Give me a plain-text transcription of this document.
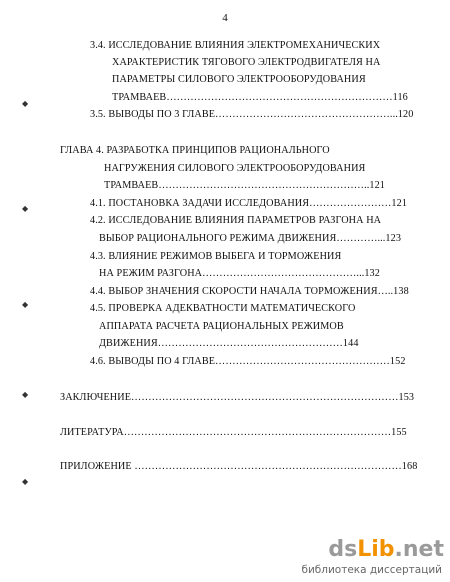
4
3.4. ИССЛЕДОВАНИЕ ВЛИЯНИЯ ЭЛЕКТРОМЕХАНИЧЕСКИХ
ХАРАКТЕРИСТИК ТЯГОВОГО ЭЛЕКТРОДВИГАТЕЛЯ НА
ПАРАМЕТРЫ СИЛОВОГО ЭЛЕКТРООБОРУДОВАНИЯ
ТРАМВАЕВ…………………………………………………………116
3.5. ВЫВОДЫ ПО 3 ГЛАВЕ……………………………………………...120
ГЛАВА 4. РАЗРАБОТКА ПРИНЦИПОВ РАЦИОНАЛЬНОГО
НАГРУЖЕНИЯ СИЛОВОГО ЭЛЕКТРООБОРУДОВАНИЯ
ТРАМВАЕВ……………………………………………………..121
4.1. ПОСТАНОВКА ЗАДАЧИ ИССЛЕДОВАНИЯ……………………121
4.2. ИССЛЕДОВАНИЕ ВЛИЯНИЯ ПАРАМЕТРОВ РАЗГОНА НА
ВЫБОР РАЦИОНАЛЬНОГО РЕЖИМА ДВИЖЕНИЯ…………...123
4.3. ВЛИЯНИЕ РЕЖИМОВ ВЫБЕГА И ТОРМОЖЕНИЯ
НА РЕЖИМ РАЗГОНА………………………………………...132
4.4. ВЫБОР ЗНАЧЕНИЯ СКОРОСТИ НАЧАЛА ТОРМОЖЕНИЯ…..138
4.5. ПРОВЕРКА АДЕКВАТНОСТИ МАТЕМАТИЧЕСКОГО
АППАРАТА РАСЧЕТА РАЦИОНАЛЬНЫХ РЕЖИМОВ
ДВИЖЕНИЯ………………………………………………144
4.6. ВЫВОДЫ ПО 4 ГЛАВЕ……………………………………………152
ЗАКЛЮЧЕНИЕ……………………………………………………………………153
ЛИТЕРАТУРА……………………………………………………………………155
ПРИЛОЖЕНИЕ ……………………………………………………………………168
◆
◆
◆
◆
◆
dsLib.net
библиотека диссертаций
